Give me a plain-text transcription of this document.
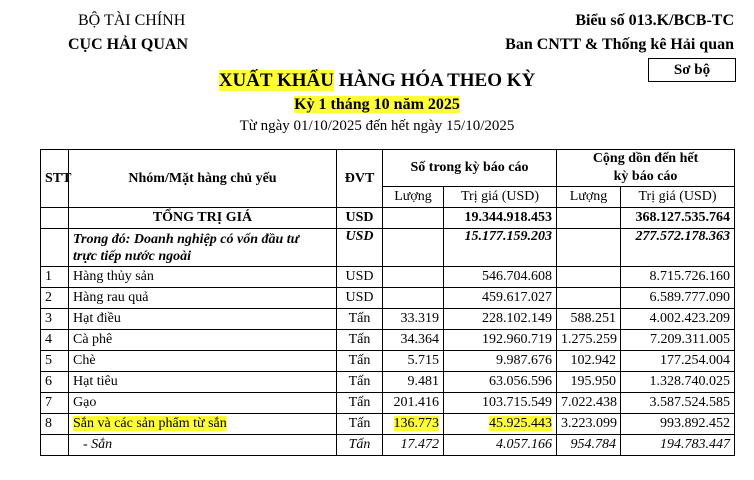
BỘ TÀI CHÍNH
CỤC HẢI QUAN
Biểu số 013.K/BCB-TC
Ban CNTT & Thống kê Hải quan
Sơ bộ
XUẤT KHẨU HÀNG HÓA THEO KỲ
Kỳ 1 tháng 10 năm 2025
Từ ngày 01/10/2025 đến hết ngày 15/10/2025
STT	Nhóm/Mặt hàng chủ yếu	ĐVT	Số trong kỳ báo cáo		Cộng dồn đến hết
kỳ báo cáo	
			Lượng	Trị giá (USD)	Lượng	Trị giá (USD)
	TỔNG TRỊ GIÁ	USD		19.344.918.453		368.127.535.764
	Trong đó: Doanh nghiệp có vốn đầu tư
trực tiếp nước ngoài	USD		15.177.159.203		277.572.178.363
1	Hàng thủy sản	USD		546.704.608		8.715.726.160
2	Hàng rau quả	USD		459.617.027		6.589.777.090
3	Hạt điều	Tấn	33.319	228.102.149	588.251	4.002.423.209
4	Cà phê	Tấn	34.364	192.960.719	1.275.259	7.209.311.005
5	Chè	Tấn	5.715	9.987.676	102.942	177.254.004
6	Hạt tiêu	Tấn	9.481	63.056.596	195.950	1.328.740.025
7	Gạo	Tấn	201.416	103.715.549	7.022.438	3.587.524.585
8	Sắn và các sản phẩm từ sắn	Tấn	136.773	45.925.443	3.223.099	993.892.452
	- Sắn	Tấn	17.472	4.057.166	954.784	194.783.447
